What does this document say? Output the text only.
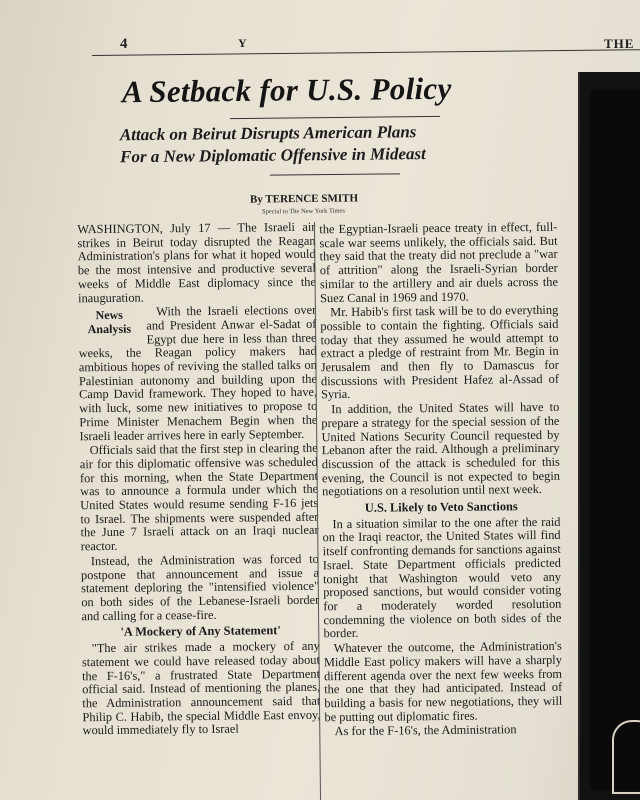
4	Y	THE
A Setback for U.S. Policy
Attack on Beirut Disrupts American Plans
For a New Diplomatic Offensive in Mideast
By TERENCE SMITH
Special to The New York Times

WASHINGTON, July 17 — The Israeli air strikes in Beirut today disrupted the Reagan Administration's plans for what it hoped would be the most intensive and productive several weeks of Middle East diplomacy since the inauguration.

News
Analysis
With the Israeli elections over and President Anwar el-Sadat of Egypt due here in less than three weeks, the Reagan policy makers had ambitious hopes of reviving the stalled talks on Palestinian autonomy and building upon the Camp David framework. They hoped to have, with luck, some new initiatives to propose to Prime Minister Menachem Begin when the Israeli leader arrives here in early September.

Officials said that the first step in clearing the air for this diplomatic offensive was scheduled for this morning, when the State Department was to announce a formula under which the United States would resume sending F-16 jets to Israel. The shipments were suspended after the June 7 Israeli attack on an Iraqi nuclear reactor.

Instead, the Administration was forced to postpone that announcement and issue a statement deploring the "intensified violence" on both sides of the Lebanese-Israeli border and calling for a cease-fire.

'A Mockery of Any Statement'

"The air strikes made a mockery of any statement we could have released today about the F-16's," a frustrated State Department official said. Instead of mentioning the planes, the Administration announcement said that Philip C. Habib, the special Middle East envoy, would immediately fly to Israel

the Egyptian-Israeli peace treaty in effect, full-scale war seems unlikely, the officials said. But they said that the treaty did not preclude a "war of attrition" along the Israeli-Syrian border similar to the artillery and air duels across the Suez Canal in 1969 and 1970.

Mr. Habib's first task will be to do everything possible to contain the fighting. Officials said today that they assumed he would attempt to extract a pledge of restraint from Mr. Begin in Jerusalem and then fly to Damascus for discussions with President Hafez al-Assad of Syria.

In addition, the United States will have to prepare a strategy for the special session of the United Nations Security Council requested by Lebanon after the raid. Although a preliminary discussion of the attack is scheduled for this evening, the Council is not expected to begin negotiations on a resolution until next week.

U.S. Likely to Veto Sanctions

In a situation similar to the one after the raid on the Iraqi reactor, the United States will find itself confronting demands for sanctions against Israel. State Department officials predicted tonight that Washington would veto any proposed sanctions, but would consider voting for a moderately worded resolution condemning the violence on both sides of the border.

Whatever the outcome, the Administration's Middle East policy makers will have a sharply different agenda over the next few weeks from the one that they had anticipated. Instead of building a basis for new negotiations, they will be putting out diplomatic fires.

As for the F-16's, the Administration
